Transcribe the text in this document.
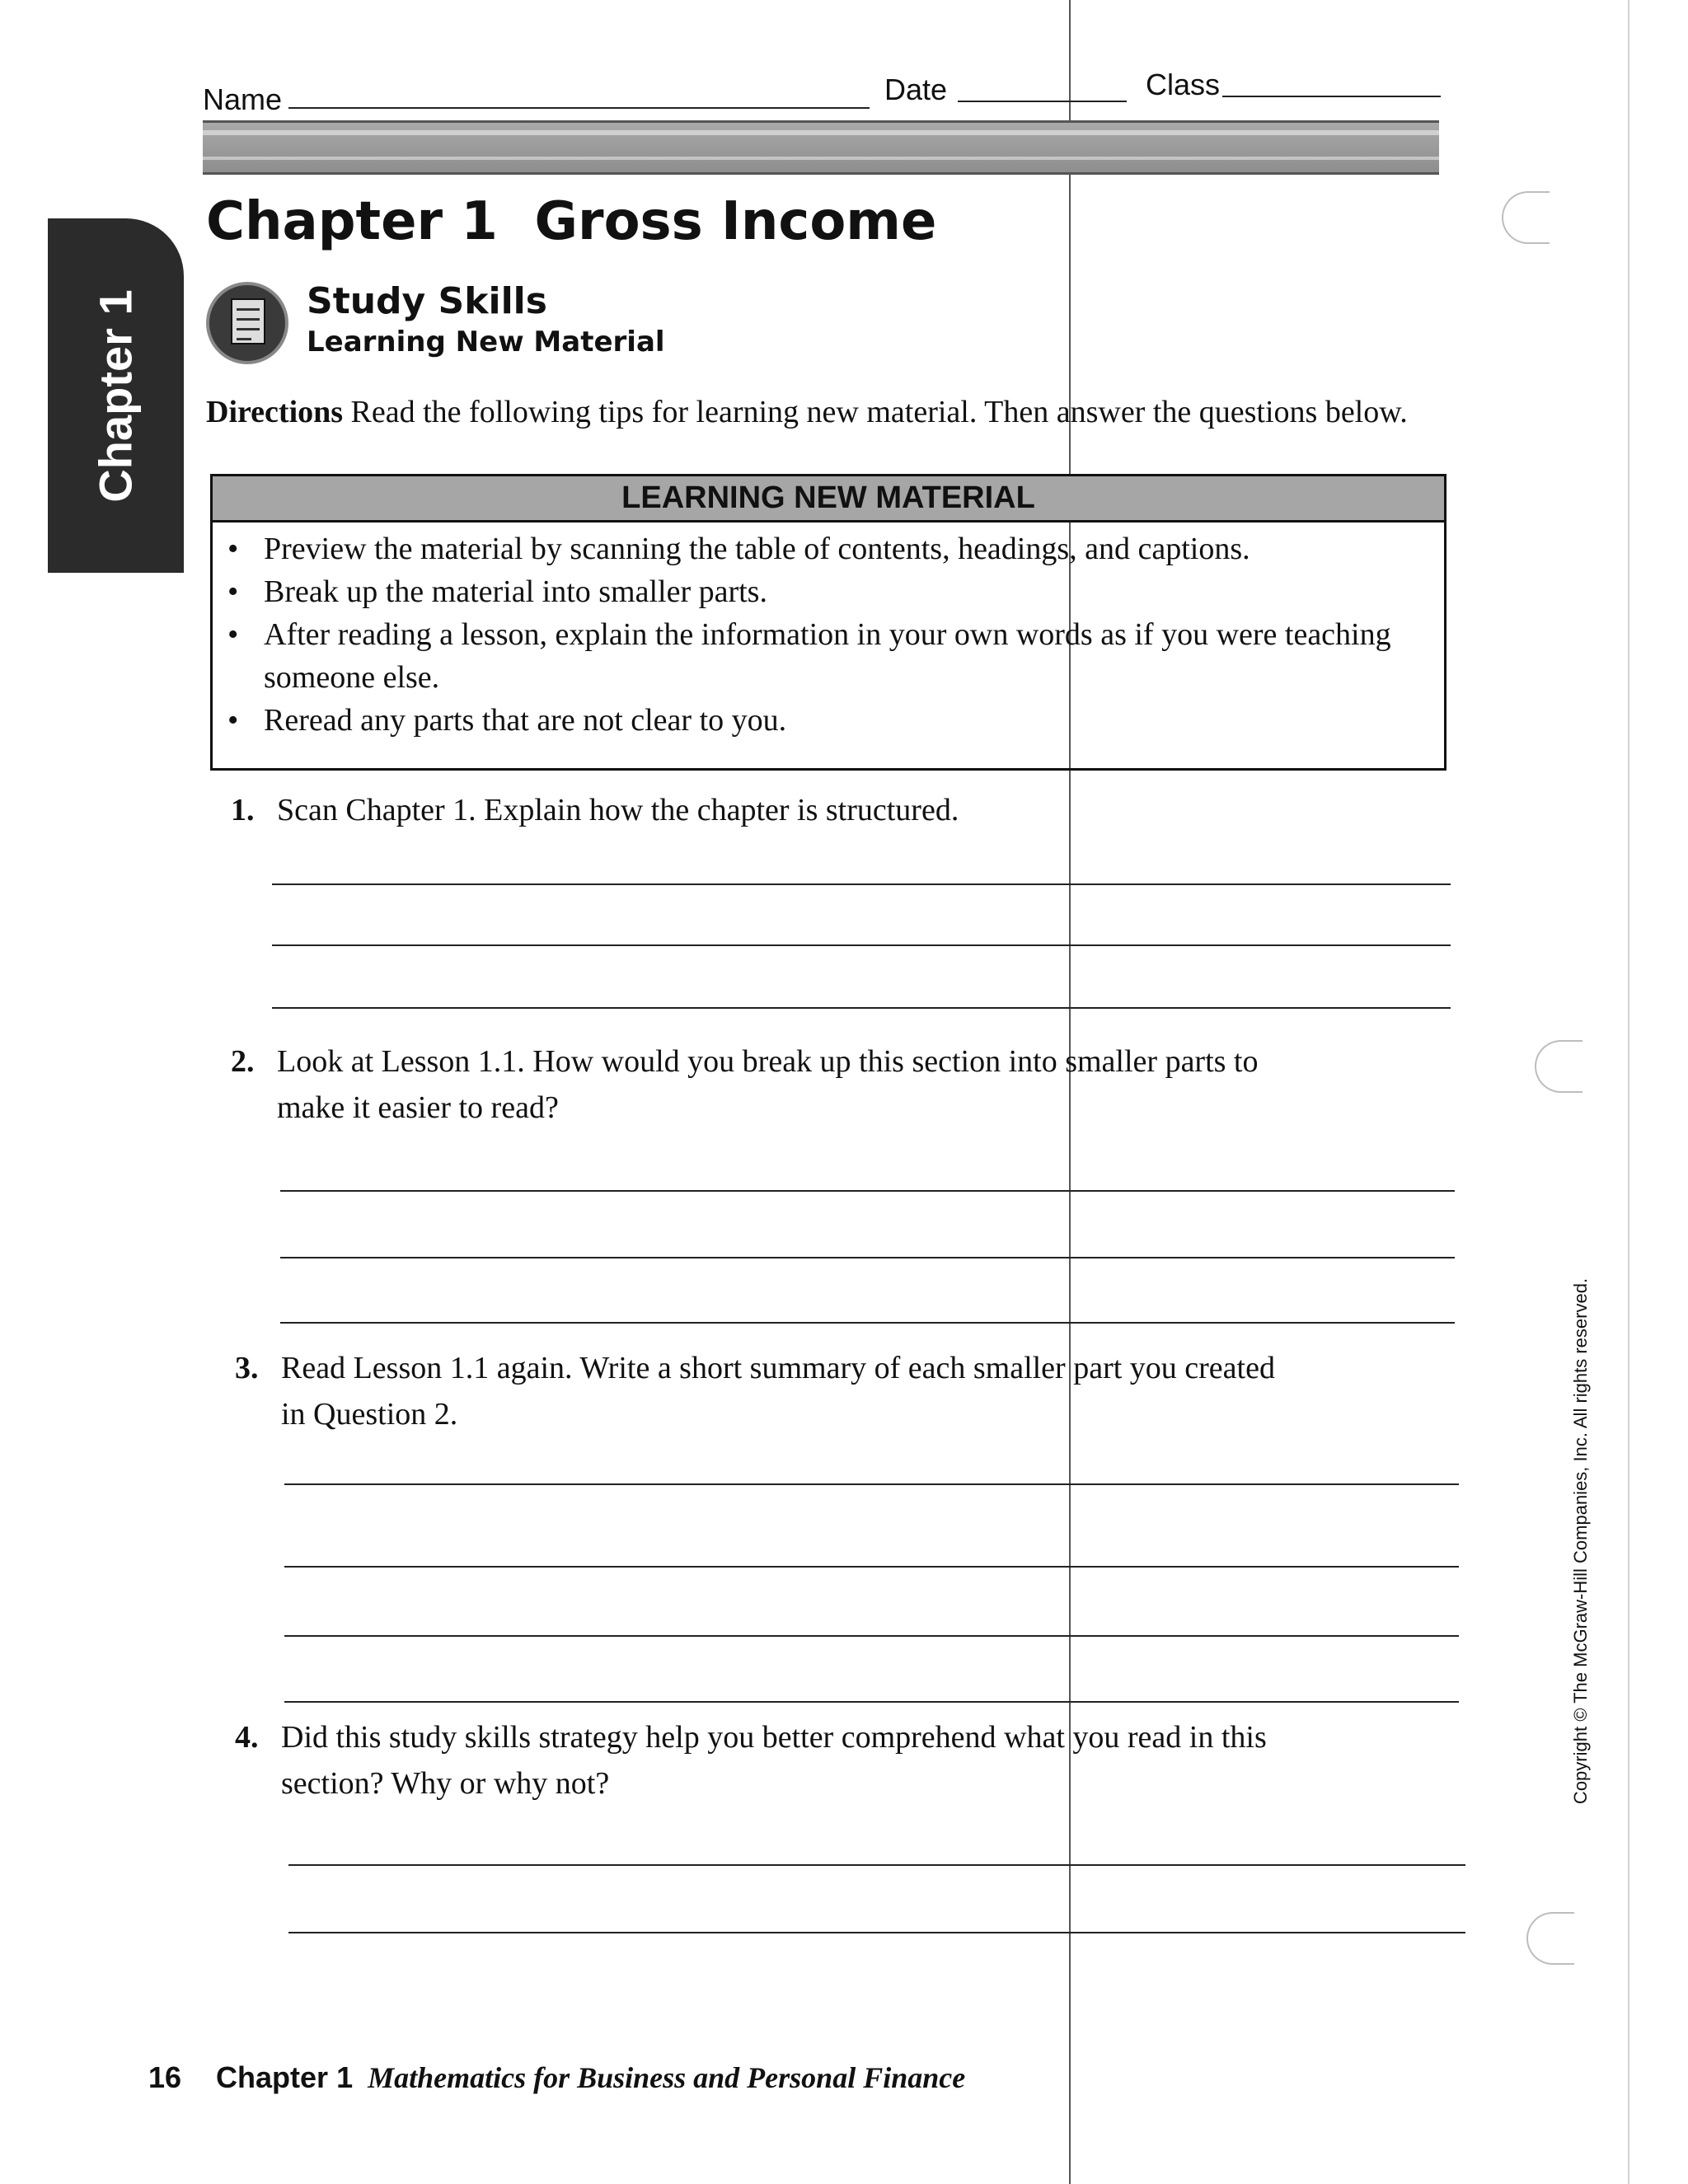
Name	Date	Class
Chapter 1
Chapter 1  Gross Income
Study Skills
Learning New Material
Directions Read the following tips for learning new material. Then answer the questions below.
LEARNING NEW MATERIAL
• Preview the material by scanning the table of contents, headings, and captions.
• Break up the material into smaller parts.
• After reading a lesson, explain the information in your own words as if you were teaching someone else.
• Reread any parts that are not clear to you.
1. Scan Chapter 1. Explain how the chapter is structured.
2. Look at Lesson 1.1. How would you break up this section into smaller parts to
make it easier to read?
3. Read Lesson 1.1 again. Write a short summary of each smaller part you created
in Question 2.
4. Did this study skills strategy help you better comprehend what you read in this
section? Why or why not?
16 Chapter 1 Mathematics for Business and Personal Finance
Copyright © The McGraw-Hill Companies, Inc. All rights reserved.
